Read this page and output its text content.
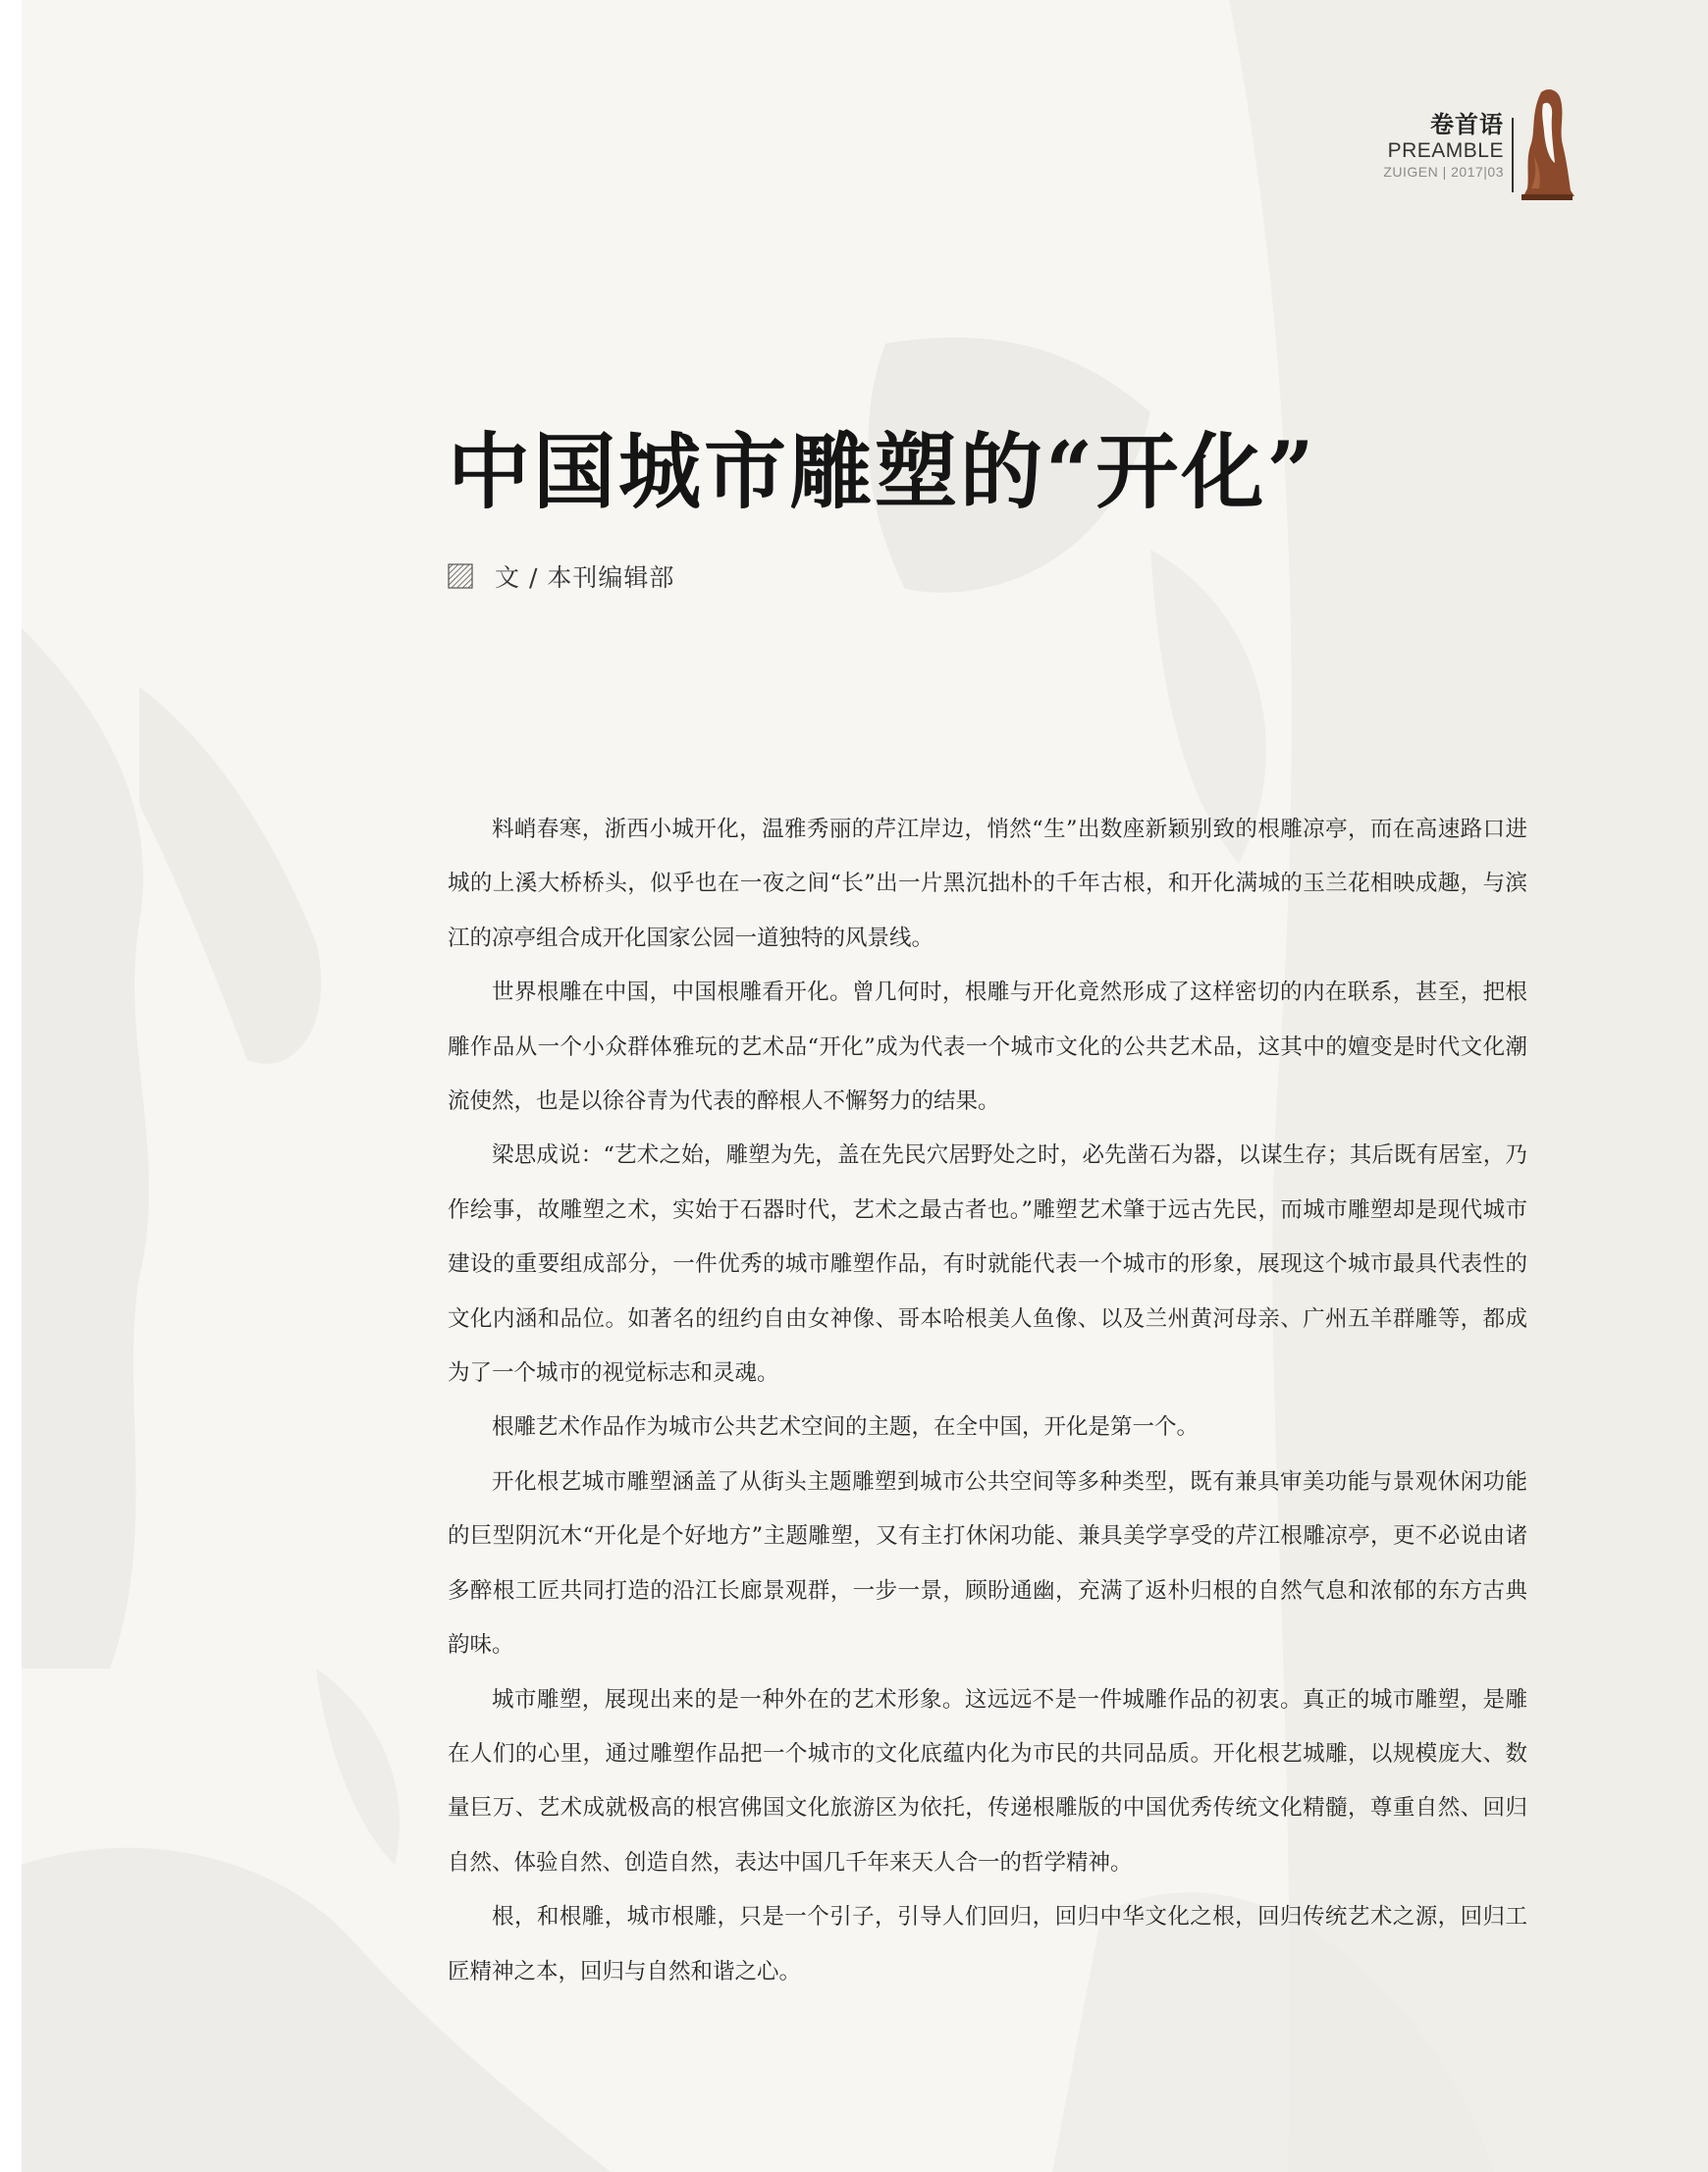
卷首语
PREAMBLE
ZUIGEN | 2017|03
中国城市雕塑的“开化”
文 / 本刊编辑部

料峭春寒，浙西小城开化，温雅秀丽的芹江岸边，悄然“生”出数座新颖别致的根雕凉亭，而在高速路口进城的上溪大桥桥头，似乎也在一夜之间“长”出一片黑沉拙朴的千年古根，和开化满城的玉兰花相映成趣，与滨江的凉亭组合成开化国家公园一道独特的风景线。

世界根雕在中国，中国根雕看开化。曾几何时，根雕与开化竟然形成了这样密切的内在联系，甚至，把根雕作品从一个小众群体雅玩的艺术品“开化”成为代表一个城市文化的公共艺术品，这其中的嬗变是时代文化潮流使然，也是以徐谷青为代表的醉根人不懈努力的结果。

梁思成说：“艺术之始，雕塑为先，盖在先民穴居野处之时，必先凿石为器，以谋生存；其后既有居室，乃作绘事，故雕塑之术，实始于石器时代，艺术之最古者也。”雕塑艺术肇于远古先民，而城市雕塑却是现代城市建设的重要组成部分，一件优秀的城市雕塑作品，有时就能代表一个城市的形象，展现这个城市最具代表性的文化内涵和品位。如著名的纽约自由女神像、哥本哈根美人鱼像、以及兰州黄河母亲、广州五羊群雕等，都成为了一个城市的视觉标志和灵魂。

根雕艺术作品作为城市公共艺术空间的主题，在全中国，开化是第一个。

开化根艺城市雕塑涵盖了从街头主题雕塑到城市公共空间等多种类型，既有兼具审美功能与景观休闲功能的巨型阴沉木“开化是个好地方”主题雕塑，又有主打休闲功能、兼具美学享受的芹江根雕凉亭，更不必说由诸多醉根工匠共同打造的沿江长廊景观群，一步一景，顾盼通幽，充满了返朴归根的自然气息和浓郁的东方古典韵味。

城市雕塑，展现出来的是一种外在的艺术形象。这远远不是一件城雕作品的初衷。真正的城市雕塑，是雕在人们的心里，通过雕塑作品把一个城市的文化底蕴内化为市民的共同品质。开化根艺城雕，以规模庞大、数量巨万、艺术成就极高的根宫佛国文化旅游区为依托，传递根雕版的中国优秀传统文化精髓，尊重自然、回归自然、体验自然、创造自然，表达中国几千年来天人合一的哲学精神。

根，和根雕，城市根雕，只是一个引子，引导人们回归，回归中华文化之根，回归传统艺术之源，回归工匠精神之本，回归与自然和谐之心。
